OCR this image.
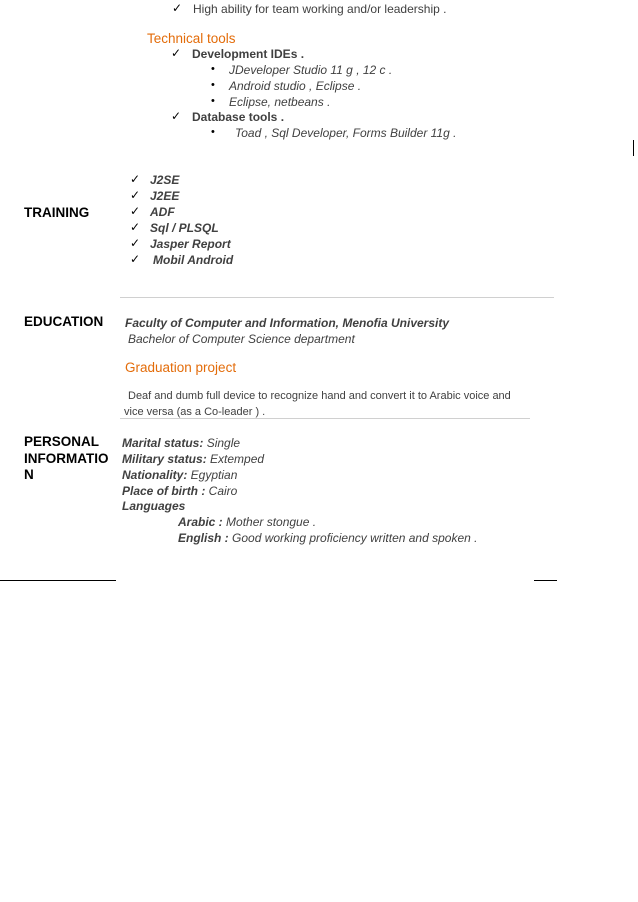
✓ High ability for team working and/or leadership .
Technical tools
✓ Development IDEs .
• JDeveloper Studio 11 g , 12 c .
• Android studio , Eclipse .
• Eclipse, netbeans .
✓ Database tools .
• Toad , Sql Developer, Forms Builder 11g .
TRAINING
✓ J2SE
✓ J2EE
✓ ADF
✓ Sql / PLSQL
✓ Jasper Report
✓ Mobil Android
EDUCATION Faculty of Computer and Information, Menofia University
Bachelor of Computer Science department
Graduation project
Deaf and dumb full device to recognize hand and convert it to Arabic voice and
vice versa (as a Co-leader ) .
PERSONAL
INFORMATIO
N
Marital status: Single
Military status: Extemped
Nationality: Egyptian
Place of birth : Cairo
Languages
Arabic : Mother stongue .
English : Good working proficiency written and spoken .
